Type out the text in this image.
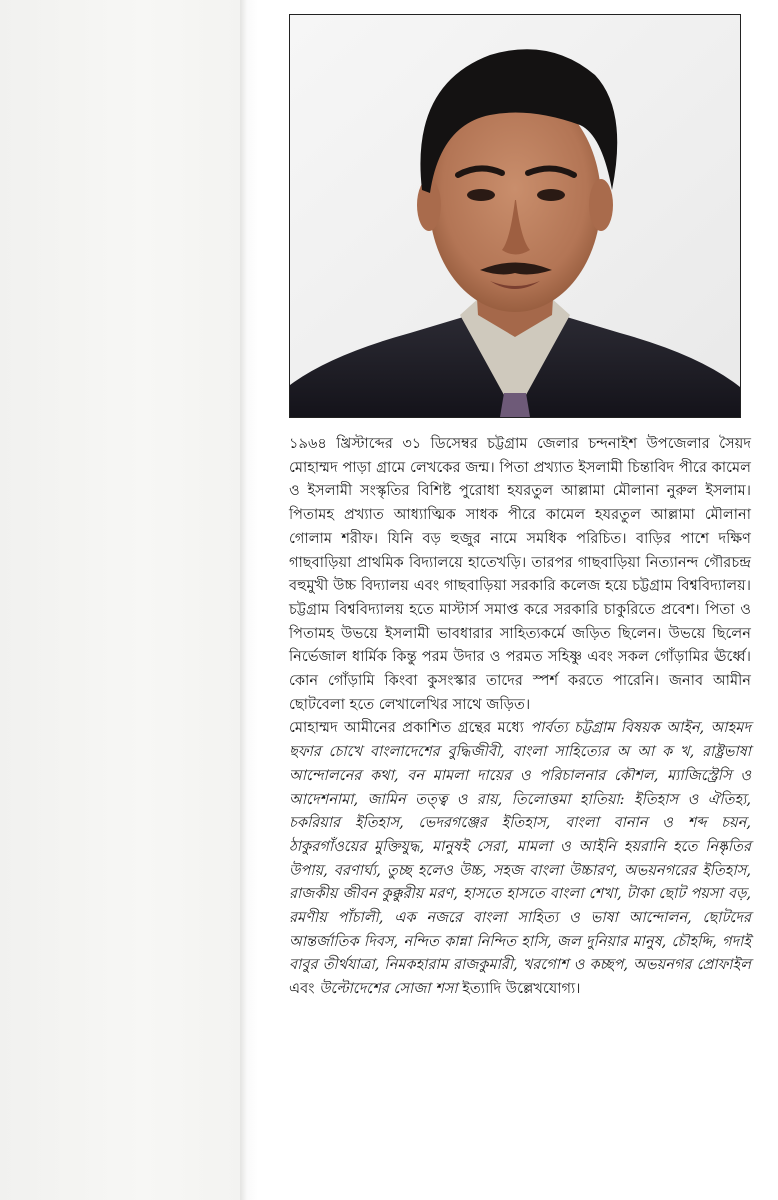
১৯৬৪ খ্রিস্টাব্দের ৩১ ডিসেম্বর চট্টগ্রাম জেলার চন্দনাইশ উপজেলার সৈয়দ মোহাম্মদ পাড়া গ্রামে লেখকের জন্ম। পিতা প্রখ্যাত ইসলামী চিন্তাবিদ পীরে কামেল ও ইসলামী সংস্কৃতির বিশিষ্ট পুরোধা হযরতুল আল্লামা মৌলানা নুরুল ইসলাম। পিতামহ প্রখ্যাত আধ্যাত্মিক সাধক পীরে কামেল হযরতুল আল্লামা মৌলানা গোলাম শরীফ। যিনি বড় হুজুর নামে সমধিক পরিচিত। বাড়ির পাশে দক্ষিণ গাছবাড়িয়া প্রাথমিক বিদ্যালয়ে হাতেখড়ি। তারপর গাছবাড়িয়া নিত্যানন্দ গৌরচন্দ্র বহুমুখী উচ্চ বিদ্যালয় এবং গাছবাড়িয়া সরকারি কলেজ হয়ে চট্টগ্রাম বিশ্ববিদ্যালয়। চট্টগ্রাম বিশ্ববিদ্যালয় হতে মাস্টার্স সমাপ্ত করে সরকারি চাকুরিতে প্রবেশ। পিতা ও পিতামহ উভয়ে ইসলামী ভাবধারার সাহিত্যকর্মে জড়িত ছিলেন। উভয়ে ছিলেন নির্ভেজাল ধার্মিক কিন্তু পরম উদার ও পরমত সহিষ্ণু এবং সকল গোঁড়ামির ঊর্ধ্বে। কোন গোঁড়ামি কিংবা কুসংস্কার তাদের স্পর্শ করতে পারেনি। জনাব আমীন ছোটবেলা হতে লেখালেখির সাথে জড়িত।

মোহাম্মদ আমীনের প্রকাশিত গ্রন্থের মধ্যে পার্বত্য চট্টগ্রাম বিষয়ক আইন, আহমদ ছফার চোখে বাংলাদেশের বুদ্ধিজীবী, বাংলা সাহিত্যের অ আ ক খ, রাষ্ট্রভাষা আন্দোলনের কথা, বন মামলা দায়ের ও পরিচালনার কৌশল, ম্যাজিস্ট্রেসি ও আদেশনামা, জামিন তত্ত্ব ও রায়, তিলোত্তমা হাতিয়া: ইতিহাস ও ঐতিহ্য, চকরিয়ার ইতিহাস, ভেদরগঞ্জের ইতিহাস, বাংলা বানান ও শব্দ চয়ন, ঠাকুরগাঁওয়ের মুক্তিযুদ্ধ, মানুষই সেরা, মামলা ও আইনি হয়রানি হতে নিষ্কৃতির উপায়, বরণার্ঘ্য, তুচ্ছ হলেও উচ্চ, সহজ বাংলা উচ্চারণ, অভয়নগরের ইতিহাস, রাজকীয় জীবন কুক্কুরীয় মরণ, হাসতে হাসতে বাংলা শেখা, টাকা ছোট পয়সা বড়, রমণীয় পাঁচালী, এক নজরে বাংলা সাহিত্য ও ভাষা আন্দোলন, ছোটদের আন্তর্জাতিক দিবস, নন্দিত কান্না নিন্দিত হাসি, জল দুনিয়ার মানুষ, চৌহদ্দি, গদাই বাবুর তীর্থযাত্রা, নিমকহারাম রাজকুমারী, খরগোশ ও কচ্ছপ, অভয়নগর প্রোফাইল এবং উল্টোদেশের সোজা শসা ইত্যাদি উল্লেখযোগ্য।
